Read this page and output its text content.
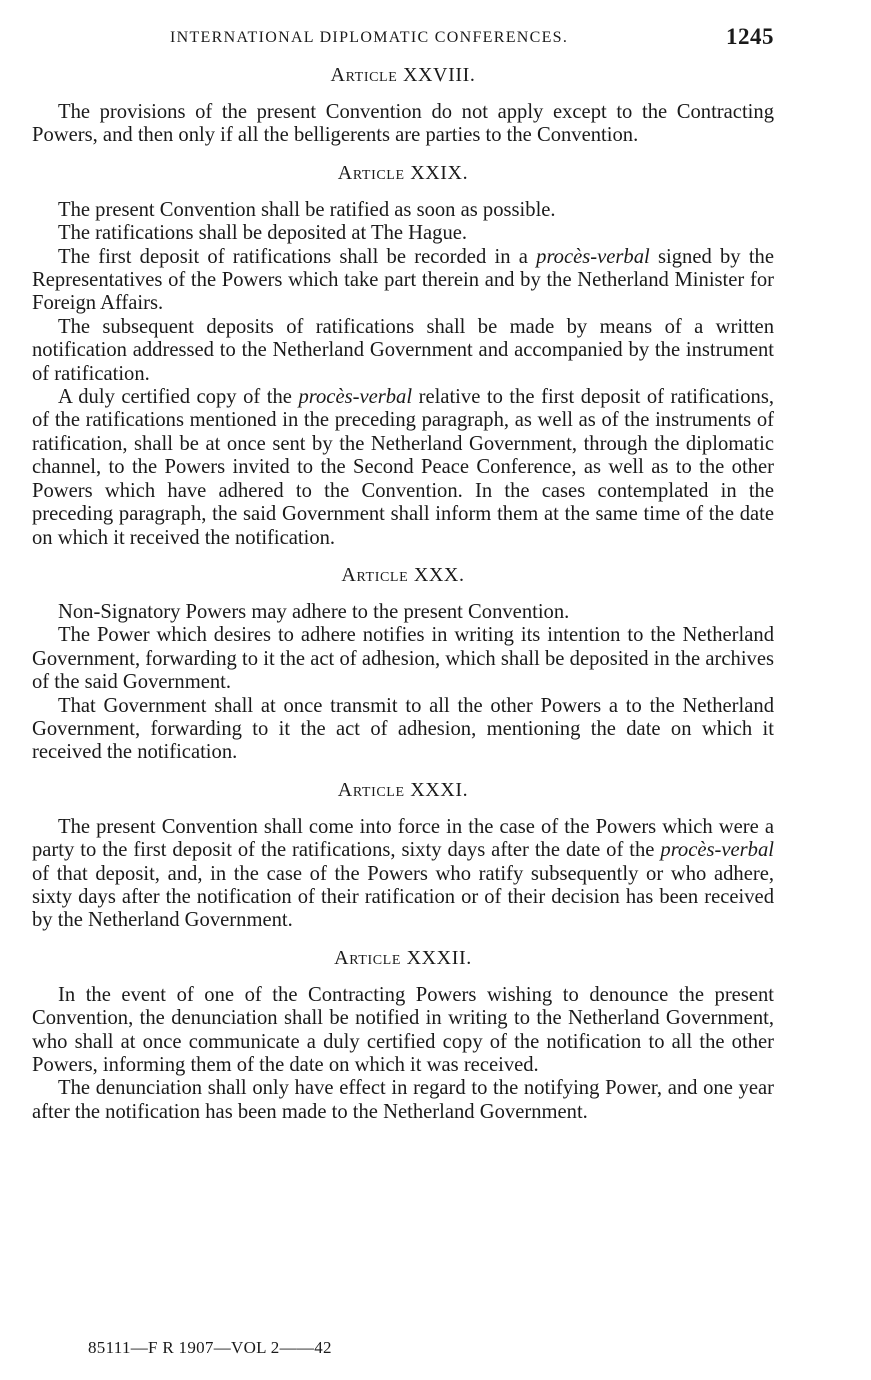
INTERNATIONAL DIPLOMATIC CONFERENCES.	1245
Article XXVIII.

The provisions of the present Convention do not apply except to the Contracting Powers, and then only if all the belligerents are parties to the Convention.

Article XXIX.

The present Convention shall be ratified as soon as possible.

The ratifications shall be deposited at The Hague.

The first deposit of ratifications shall be recorded in a procès-verbal signed by the Representatives of the Powers which take part therein and by the Netherland Minister for Foreign Affairs.

The subsequent deposits of ratifications shall be made by means of a written notification addressed to the Netherland Government and accompanied by the instrument of ratification.

A duly certified copy of the procès-verbal relative to the first deposit of ratifications, of the ratifications mentioned in the preceding paragraph, as well as of the instruments of ratification, shall be at once sent by the Netherland Government, through the diplomatic channel, to the Powers invited to the Second Peace Conference, as well as to the other Powers which have adhered to the Convention. In the cases contemplated in the preceding paragraph, the said Government shall inform them at the same time of the date on which it received the notification.

Article XXX.

Non-Signatory Powers may adhere to the present Convention.

The Power which desires to adhere notifies in writing its intention to the Netherland Government, forwarding to it the act of adhesion, which shall be deposited in the archives of the said Government.

That Government shall at once transmit to all the other Powers a to the Netherland Government, forwarding to it the act of adhesion, mentioning the date on which it received the notification.

Article XXXI.

The present Convention shall come into force in the case of the Powers which were a party to the first deposit of the ratifications, sixty days after the date of the procès-verbal of that deposit, and, in the case of the Powers who ratify subsequently or who adhere, sixty days after the notification of their ratification or of their decision has been received by the Netherland Government.

Article XXXII.

In the event of one of the Contracting Powers wishing to denounce the present Convention, the denunciation shall be notified in writing to the Netherland Government, who shall at once communicate a duly certified copy of the notification to all the other Powers, informing them of the date on which it was received.

The denunciation shall only have effect in regard to the notifying Power, and one year after the notification has been made to the Netherland Government.

85111—F R 1907—VOL 2——42
